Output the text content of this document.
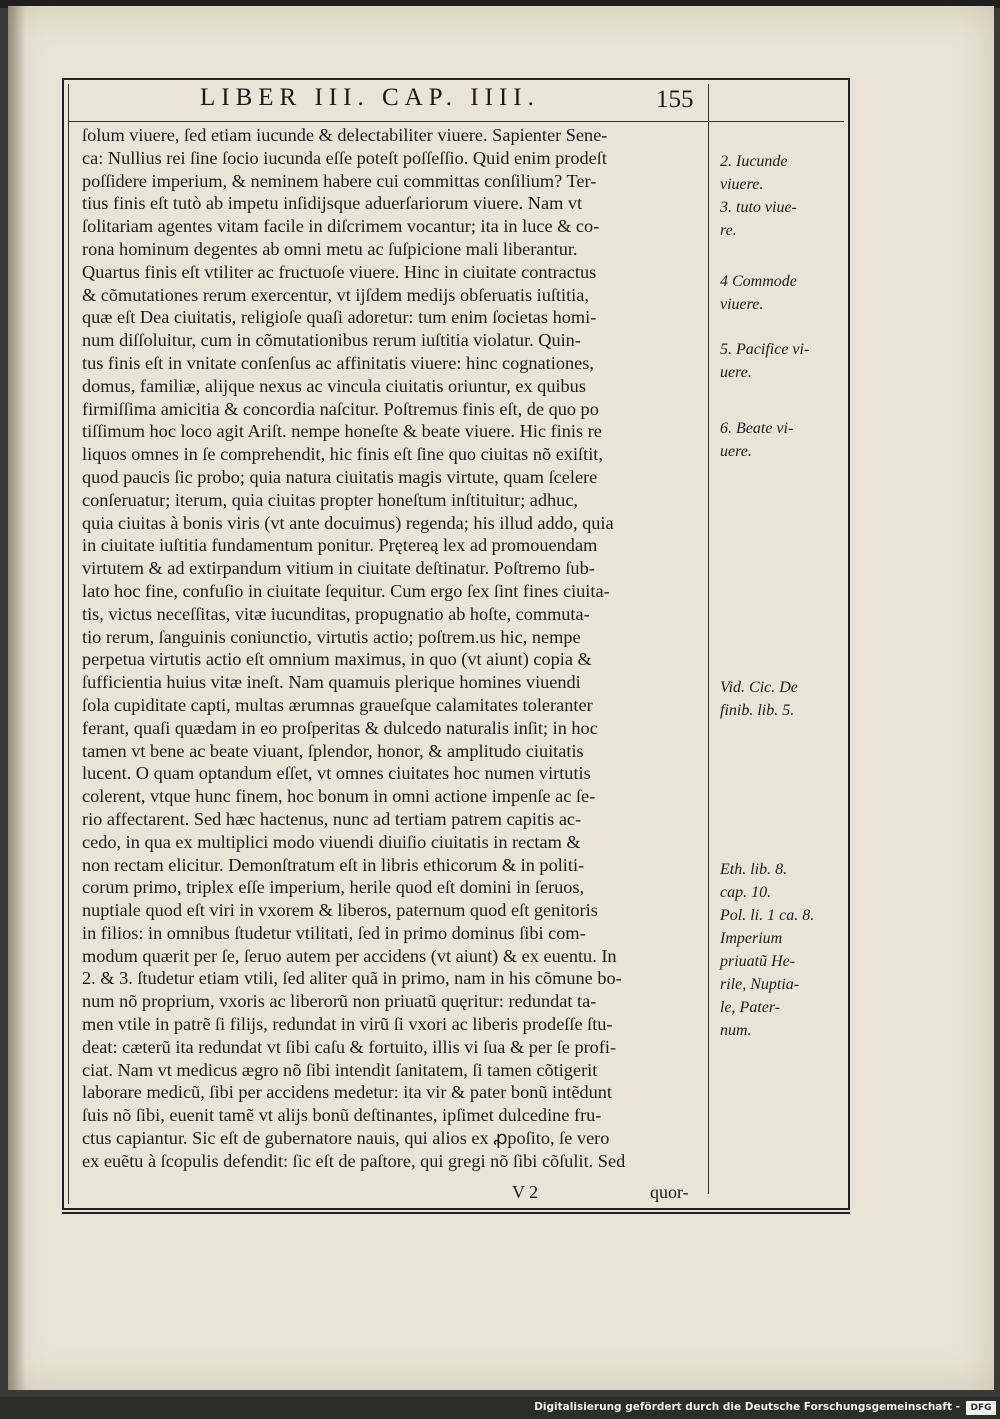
LIBER III. CAP. IIII.	155
ſolum viuere, ſed etiam iucunde & delectabiliter viuere. Sapienter Sene-
ca: Nullius rei ſine ſocio iucunda eſſe poteſt poſſeſſio. Quid enim prodeſt
poſſidere imperium, & neminem habere cui committas conſilium? Ter-
tius finis eſt tutò ab impetu inſidijsque aduerſariorum viuere. Nam vt
ſolitariam agentes vitam facile in diſcrimem vocantur; ita in luce & co-
rona hominum degentes ab omni metu ac ſuſpicione mali liberantur.
Quartus finis eſt vtiliter ac fructuoſe viuere. Hinc in ciuitate contractus
& cõmutationes rerum exercentur, vt ijſdem medijs obſeruatis iuſtitia,
quæ eſt Dea ciuitatis, religioſe quaſi adoretur: tum enim ſocietas homi-
num diſſoluitur, cum in cõmutationibus rerum iuſtitia violatur. Quin-
tus finis eſt in vnitate conſenſus ac affinitatis viuere: hinc cognationes,
domus, familiæ, alijque nexus ac vincula ciuitatis oriuntur, ex quibus
firmiſſima amicitia & concordia naſcitur. Poſtremus finis eſt, de quo po
tiſſimum hoc loco agit Ariſt. nempe honeſte & beate viuere. Hic finis re
liquos omnes in ſe comprehendit, hic finis eſt ſine quo ciuitas nõ exiſtit,
quod paucis ſic probo; quia natura ciuitatis magis virtute, quam ſcelere
conſeruatur; iterum, quia ciuitas propter honeſtum inſtituitur; adhuc,
quia ciuitas à bonis viris (vt ante docuimus) regenda; his illud addo, quia
in ciuitate iuſtitia fundamentum ponitur. Prętereą lex ad promouendam
virtutem & ad extirpandum vitium in ciuitate deſtinatur. Poſtremo ſub-
lato hoc fine, confuſio in ciuitate ſequitur. Cum ergo ſex ſint fines ciuita-
tis, victus neceſſitas, vitæ iucunditas, propugnatio ab hoſte, commuta-
tio rerum, ſanguinis coniunctio, virtutis actio; poſtrem.us hic, nempe
perpetua virtutis actio eſt omnium maximus, in quo (vt aiunt) copia &
ſufficientia huius vitæ ineſt. Nam quamuis plerique homines viuendi
ſola cupiditate capti, multas ærumnas graueſque calamitates toleranter
ferant, quaſi quædam in eo proſperitas & dulcedo naturalis inſit; in hoc
tamen vt bene ac beate viuant, ſplendor, honor, & amplitudo ciuitatis
lucent. O quam optandum eſſet, vt omnes ciuitates hoc numen virtutis
colerent, vtque hunc finem, hoc bonum in omni actione impenſe ac ſe-
rio affectarent. Sed hæc hactenus, nunc ad tertiam patrem capitis ac-
cedo, in qua ex multiplici modo viuendi diuiſio ciuitatis in rectam &
non rectam elicitur. Demonſtratum eſt in libris ethicorum & in politi-
corum primo, triplex eſſe imperium, herile quod eſt domini in ſeruos,
nuptiale quod eſt viri in vxorem & liberos, paternum quod eſt genitoris
in filios: in omnibus ſtudetur vtilitati, ſed in primo dominus ſibi com-
modum quærit per ſe, ſeruo autem per accidens (vt aiunt) & ex euentu. In
2. & 3. ſtudetur etiam vtili, ſed aliter quã in primo, nam in his cõmune bo-
num nõ proprium, vxoris ac liberorũ non priuatũ quęritur: redundat ta-
men vtile in patrẽ ſi filijs, redundat in virũ ſi vxori ac liberis prodeſſe ſtu-
deat: cæterũ ita redundat vt ſibi caſu & fortuito, illis vi ſua & per ſe profi-
ciat. Nam vt medicus ægro nõ ſibi intendit ſanitatem, ſi tamen cõtigerit
laborare medicũ, ſibi per accidens medetur: ita vir & pater bonũ intẽdunt
ſuis nõ ſibi, euenit tamẽ vt alijs bonũ deſtinantes, ipſimet dulcedine fru-
ctus capiantur. Sic eſt de gubernatore nauis, qui alios ex ꝓpoſito, ſe vero
ex euẽtu à ſcopulis defendit: ſic eſt de paſtore, qui gregi nõ ſibi cõſulit. Sed
2. Iucunde
viuere.
3. tuto viue-
re.
4 Commode
viuere.
5. Pacifice vi-
uere.
6. Beate vi-
uere.
Vid. Cic. De
finib. lib. 5.
Eth. lib. 8.
cap. 10.
Pol. li. 1 ca. 8.
Imperium
priuatũ He-
rile, Nuptia-
le, Pater-
num.
V 2	quor-
Digitalisierung gefördert durch die Deutsche Forschungsgemeinschaft -	DFG
